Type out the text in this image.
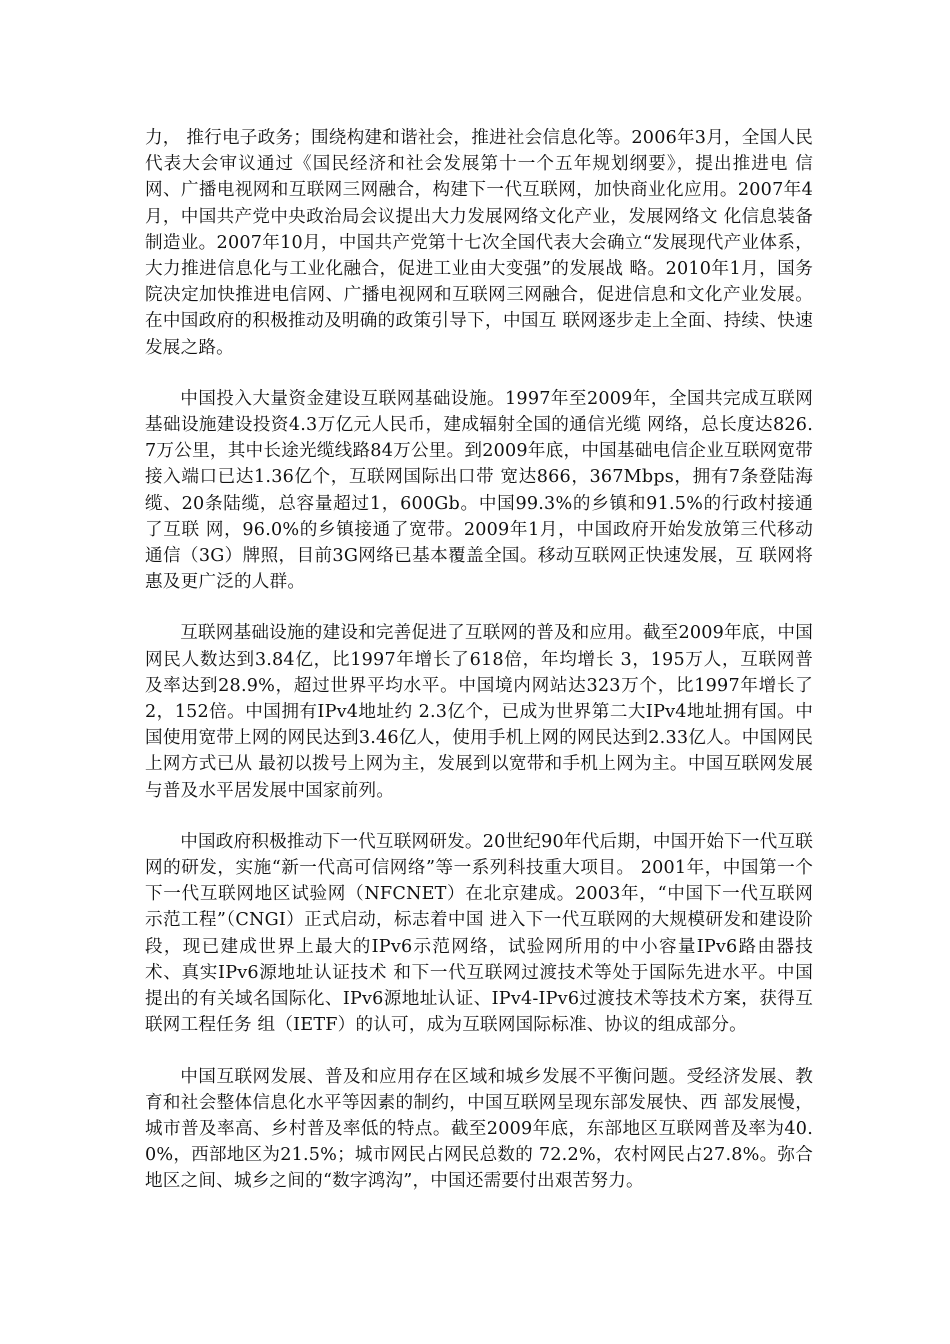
力， 推行电子政务；围绕构建和谐社会，推进社会信息化等。2006年3月，全国人民代表大会审议通过《国民经济和社会发展第十一个五年规划纲要》，提出推进电 信网、广播电视网和互联网三网融合，构建下一代互联网，加快商业化应用。2007年4月，中国共产党中央政治局会议提出大力发展网络文化产业，发展网络文 化信息装备制造业。2007年10月，中国共产党第十七次全国代表大会确立“发展现代产业体系，大力推进信息化与工业化融合，促进工业由大变强”的发展战 略。2010年1月，国务院决定加快推进电信网、广播电视网和互联网三网融合，促进信息和文化产业发展。在中国政府的积极推动及明确的政策引导下，中国互 联网逐步走上全面、持续、快速发展之路。

中国投入大量资金建设互联网基础设施。1997年至2009年，全国共完成互联网基础设施建设投资4.3万亿元人民币，建成辐射全国的通信光缆 网络，总长度达826.7万公里，其中长途光缆线路84万公里。到2009年底，中国基础电信企业互联网宽带接入端口已达1.36亿个，互联网国际出口带 宽达866，367Mbps，拥有7条登陆海缆、20条陆缆，总容量超过1，600Gb。中国99.3%的乡镇和91.5%的行政村接通了互联 网，96.0%的乡镇接通了宽带。2009年1月，中国政府开始发放第三代移动通信（3G）牌照，目前3G网络已基本覆盖全国。移动互联网正快速发展，互 联网将惠及更广泛的人群。

互联网基础设施的建设和完善促进了互联网的普及和应用。截至2009年底，中国网民人数达到3.84亿，比1997年增长了618倍，年均增长 3，195万人，互联网普及率达到28.9%，超过世界平均水平。中国境内网站达323万个，比1997年增长了2，152倍。中国拥有IPv4地址约 2.3亿个，已成为世界第二大IPv4地址拥有国。中国使用宽带上网的网民达到3.46亿人，使用手机上网的网民达到2.33亿人。中国网民上网方式已从 最初以拨号上网为主，发展到以宽带和手机上网为主。中国互联网发展与普及水平居发展中国家前列。

中国政府积极推动下一代互联网研发。20世纪90年代后期，中国开始下一代互联网的研发，实施“新一代高可信网络”等一系列科技重大项目。 2001年，中国第一个下一代互联网地区试验网（NFCNET）在北京建成。2003年，“中国下一代互联网示范工程”（CNGI）正式启动，标志着中国 进入下一代互联网的大规模研发和建设阶段，现已建成世界上最大的IPv6示范网络，试验网所用的中小容量IPv6路由器技术、真实IPv6源地址认证技术 和下一代互联网过渡技术等处于国际先进水平。中国提出的有关域名国际化、IPv6源地址认证、IPv4-IPv6过渡技术等技术方案，获得互联网工程任务 组（IETF）的认可，成为互联网国际标准、协议的组成部分。

中国互联网发展、普及和应用存在区域和城乡发展不平衡问题。受经济发展、教育和社会整体信息化水平等因素的制约，中国互联网呈现东部发展快、西 部发展慢，城市普及率高、乡村普及率低的特点。截至2009年底，东部地区互联网普及率为40.0%，西部地区为21.5%；城市网民占网民总数的 72.2%，农村网民占27.8%。弥合地区之间、城乡之间的“数字鸿沟”，中国还需要付出艰苦努力。
